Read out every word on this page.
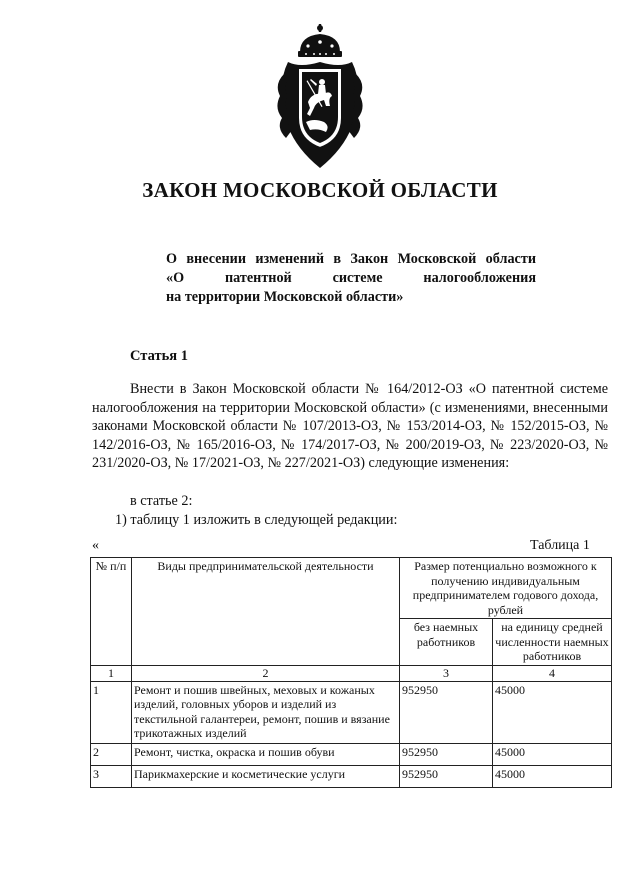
ЗАКОН МОСКОВСКОЙ ОБЛАСТИ
О внесении изменений в Закон Московской области
«О патентной системе налогообложения
на территории Московской области»
Статья 1
Внести в Закон Московской области № 164/2012-ОЗ «О патентной системе налогообложения на территории Московской области» (с изменениями, внесенными законами Московской области № 107/2013-ОЗ, № 153/2014-ОЗ, № 152/2015-ОЗ, № 142/2016-ОЗ, № 165/2016-ОЗ, № 174/2017-ОЗ, № 200/2019-ОЗ, № 223/2020-ОЗ, № 231/2020-ОЗ, № 17/2021-ОЗ, № 227/2021-ОЗ) следующие изменения:
в статье 2:
1) таблицу 1 изложить в следующей редакции:
«	Таблица 1
№ п/п	Виды предпринимательской деятельности	Размер потенциально возможного к получению индивидуальным предпринимателем годового дохода, рублей	
		без наемных работников	на единицу средней численности наемных работников
1	2	3	4
1	Ремонт и пошив швейных, меховых и кожаных изделий, головных уборов и изделий из текстильной галантереи, ремонт, пошив и вязание трикотажных изделий	952950	45000
2	Ремонт, чистка, окраска и пошив обуви	952950	45000
3	Парикмахерские и косметические услуги	952950	45000
